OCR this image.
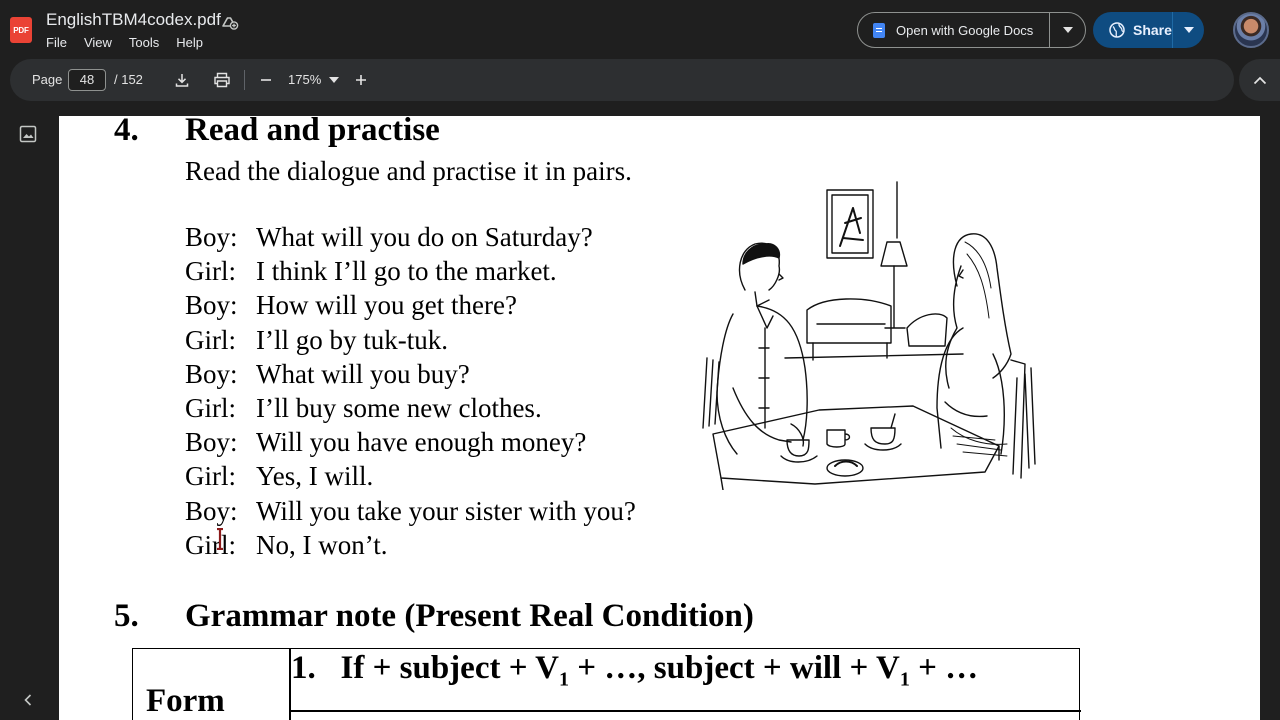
PDF
EnglishTBM4codex.pdf
File View Tools Help
Open with Google Docs	Share
Page	48	/ 152	175%
4. Read and practise
Read the dialogue and practise it in pairs.
Boy: What will you do on Saturday?
Girl: I think I’ll go to the market.
Boy: How will you get there?
Girl: I’ll go by tuk-tuk.
Boy: What will you buy?
Girl: I’ll buy some new clothes.
Boy: Will you have enough money?
Girl: Yes, I will.
Boy: Will you take your sister with you?
Girl: No, I won’t.
5. Grammar note (Present Real Condition)
Form
1. If + subject + $V_1$ + …, subject + will + $V_1$ + …
